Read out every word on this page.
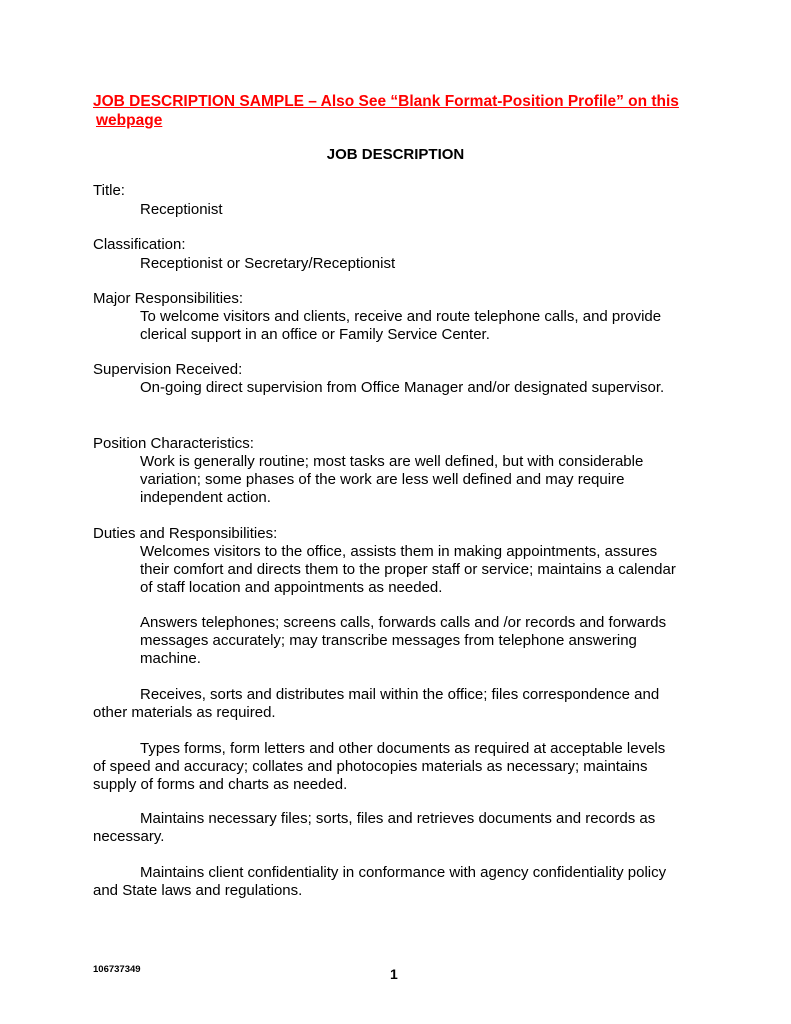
JOB DESCRIPTION SAMPLE – Also See “Blank Format-Position Profile” on this
webpage
JOB DESCRIPTION
Title:
Receptionist
Classification:
Receptionist or Secretary/Receptionist
Major Responsibilities:
To welcome visitors and clients, receive and route telephone calls, and provide
clerical support in an office or Family Service Center.
Supervision Received:
On-going direct supervision from Office Manager and/or designated supervisor.
Position Characteristics:
Work is generally routine; most tasks are well defined, but with considerable
variation; some phases of the work are less well defined and may require
independent action.
Duties and Responsibilities:
Welcomes visitors to the office, assists them in making appointments, assures
their comfort and directs them to the proper staff or service; maintains a calendar
of staff location and appointments as needed.
Answers telephones; screens calls, forwards calls and /or records and forwards
messages accurately; may transcribe messages from telephone answering
machine.
Receives, sorts and distributes mail within the office; files correspondence and
other materials as required.
Types forms, form letters and other documents as required at acceptable levels
of speed and accuracy; collates and photocopies materials as necessary; maintains
supply of forms and charts as needed.
Maintains necessary files; sorts, files and retrieves documents and records as
necessary.
Maintains client confidentiality in conformance with agency confidentiality policy
and State laws and regulations.
106737349	1
